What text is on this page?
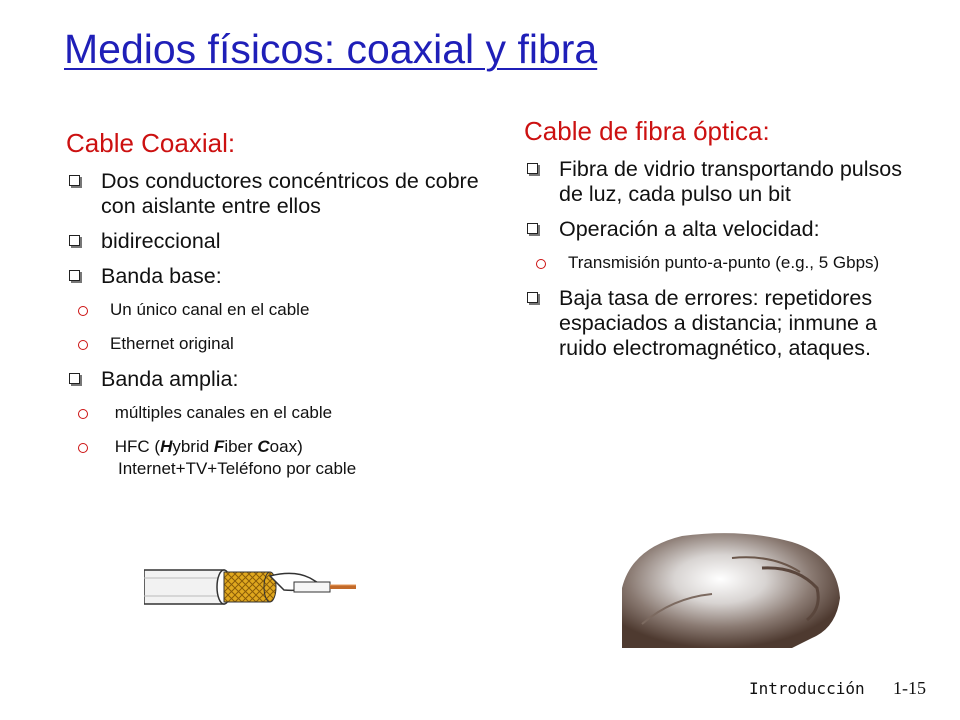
Medios físicos: coaxial y fibra
Cable Coaxial:
Dos conductores concéntricos de cobre con aislante entre ellos
bidireccional
Banda base:
Un único canal en el cable
Ethernet original
Banda amplia:
múltiples canales en el cable
HFC (Hybrid Fiber Coax)
Internet+TV+Teléfono por cable
Cable de fibra óptica:
Fibra de vidrio transportando pulsos de luz, cada pulso un bit
Operación a alta velocidad:
Transmisión punto-a-punto (e.g., 5 Gbps)
Baja tasa de errores: repetidores espaciados a distancia; inmune a ruido electromagnético, ataques.
Introducción 1-15
